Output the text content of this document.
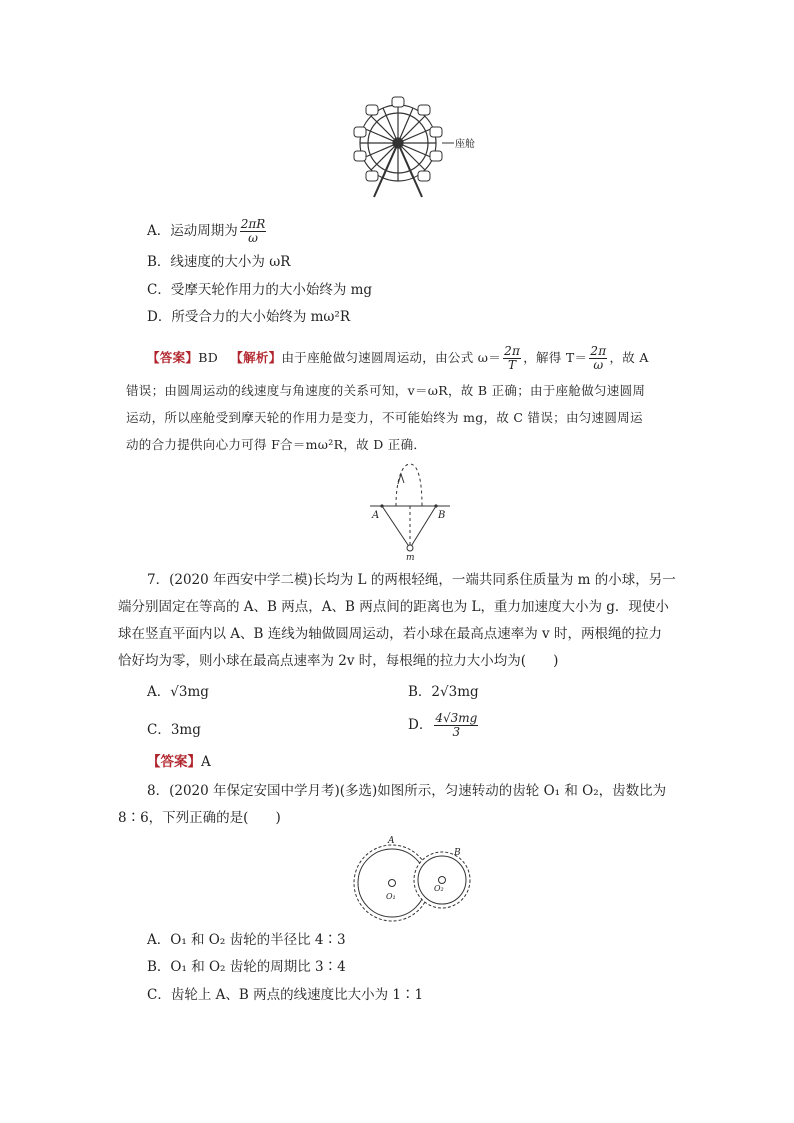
座舱
A．运动周期为 $\frac{2\pi R}{\omega}$
B．线速度的大小为 ωR
C．受摩天轮作用力的大小始终为 mg
D．所受合力的大小始终为 mω²R
【答案】BD 【解析】由于座舱做匀速圆周运动，由公式 $\omega= \frac{2\pi}{T}$ ，解得 $T= \frac{2\pi}{\omega}$ ，故 A
错误；由圆周运动的线速度与角速度的关系可知，v＝ωR，故 B 正确；由于座舱做匀速圆周
运动，所以座舱受到摩天轮的作用力是变力，不可能始终为 mg，故 C 错误；由匀速圆周运
动的合力提供向心力可得 F合＝mω²R，故 D 正确．
A	B
m
7．(2020 年西安中学二模)长均为 L 的两根轻绳，一端共同系住质量为 m 的小球，另一
端分别固定在等高的 A、B 两点，A、B 两点间的距离也为 L，重力加速度大小为 g．现使小
球在竖直平面内以 A、B 连线为轴做圆周运动，若小球在最高点速率为 v 时，两根绳的拉力
恰好均为零，则小球在最高点速率为 2v 时，每根绳的拉力大小均为(　　)
A．√3mg	B．2√3mg
C．3mg	D． $\frac{4√3mg}{3}$
【答案】A
8．(2020 年保定安国中学月考)(多选)如图所示，匀速转动的齿轮 O₁ 和 O₂，齿数比为
8∶6，下列正确的是(　　)
A
B
O₁
O₂
A．O₁ 和 O₂ 齿轮的半径比 4∶3
B．O₁ 和 O₂ 齿轮的周期比 3∶4
C．齿轮上 A、B 两点的线速度比大小为 1∶1
